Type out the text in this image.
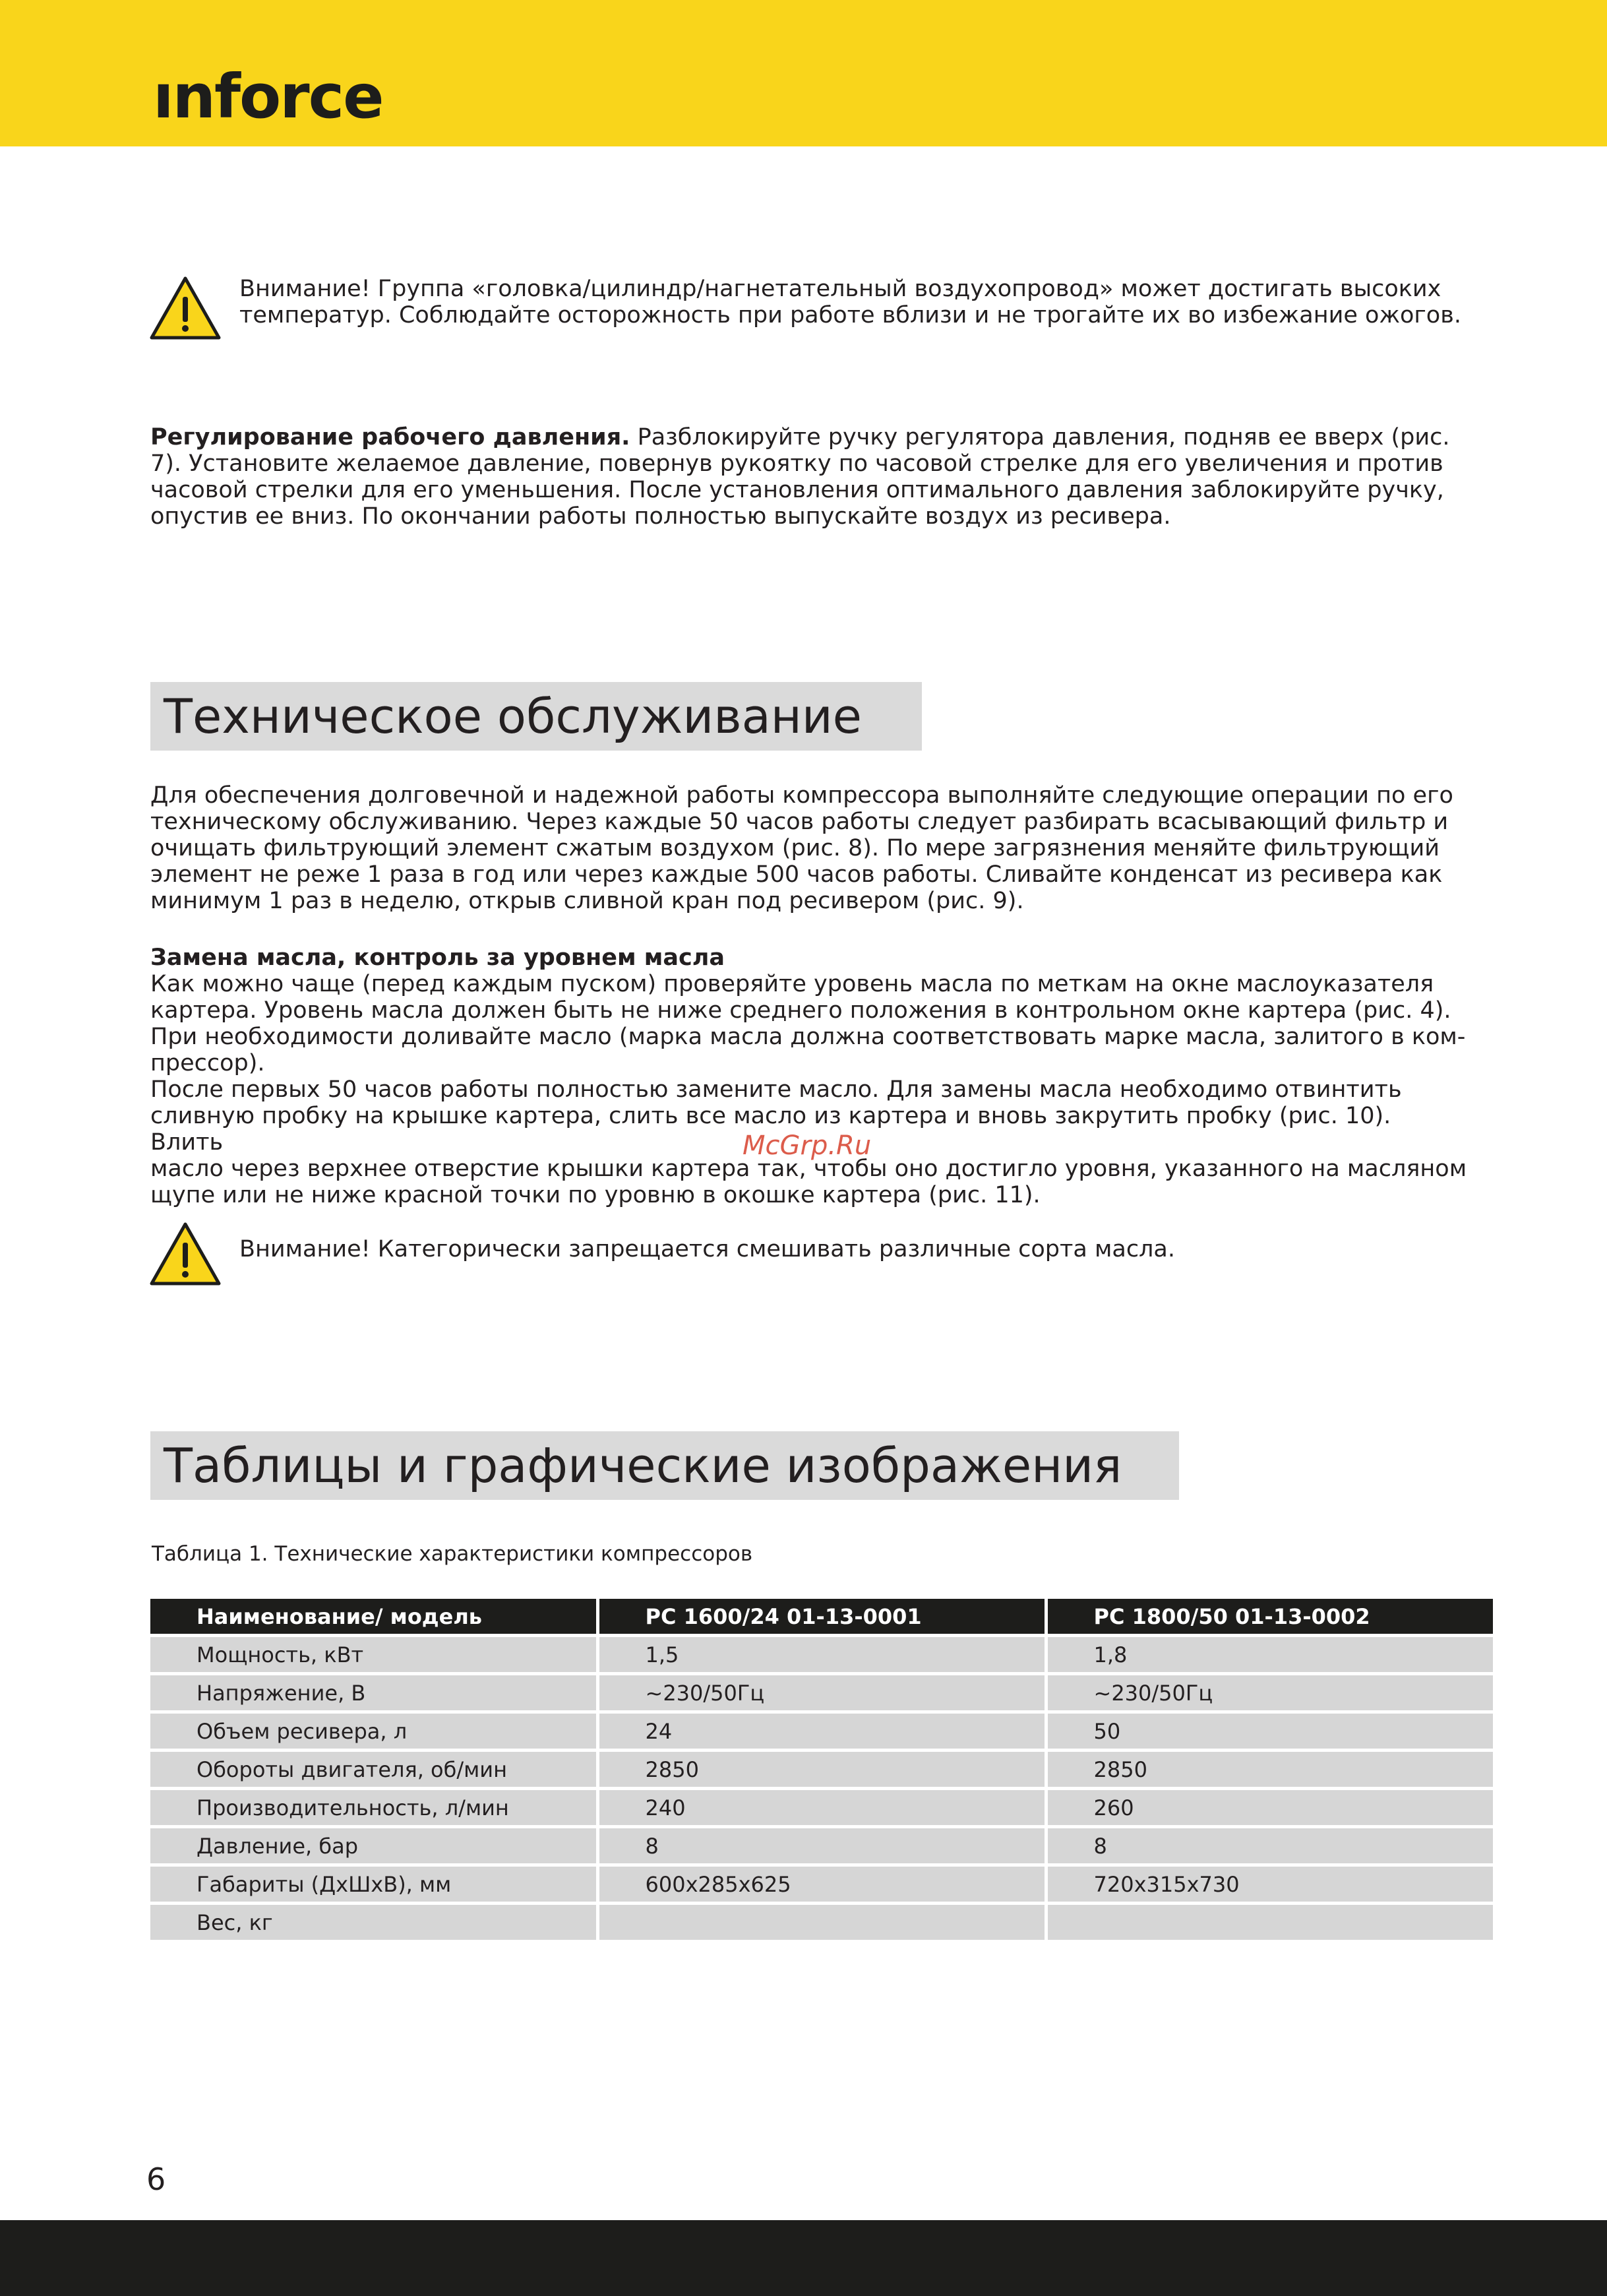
ınforce
Внимание! Группа «головка/цилиндр/нагнетательный воздухопровод» может достигать высоких
температур. Соблюдайте осторожность при работе вблизи и не трогайте их во избежание ожогов.
Регулирование рабочего давления. Разблокируйте ручку регулятора давления, подняв ее вверх (рис.
7). Установите желаемое давление, повернув рукоятку по часовой стрелке для его увеличения и против
часовой стрелки для его уменьшения. После установления оптимального давления заблокируйте ручку,
опустив ее вниз. По окончании работы полностью выпускайте воздух из ресивера.
Техническое обслуживание
Для обеспечения долговечной и надежной работы компрессора выполняйте следующие операции по его
техническому обслуживанию. Через каждые 50 часов работы следует разбирать всасывающий фильтр и
очищать фильтрующий элемент сжатым воздухом (рис. 8). По мере загрязнения меняйте фильтрующий
элемент не реже 1 раза в год или через каждые 500 часов работы. Сливайте конденсат из ресивера как
минимум 1 раз в неделю, открыв сливной кран под ресивером (рис. 9).
Замена масла, контроль за уровнем масла
Как можно чаще (перед каждым пуском) проверяйте уровень масла по меткам на окне маслоуказателя
картера. Уровень масла должен быть не ниже среднего положения в контрольном окне картера (рис. 4).
При необходимости доливайте масло (марка масла должна соответствовать марке масла, залитого в ком-
прессор).
После первых 50 часов работы полностью замените масло. Для замены масла необходимо отвинтить
сливную пробку на крышке картера, слить все масло из картера и вновь закрутить пробку (рис. 10). Влить
масло через верхнее отверстие крышки картера так, чтобы оно достигло уровня, указанного на масляном
щупе или не ниже красной точки по уровню в окошке картера (рис. 11).
McGrp.Ru
Внимание! Категорически запрещается смешивать различные сорта масла.
Таблицы и графические изображения
Таблица 1. Технические характеристики компрессоров
Наименование/ модель	PC 1600/24 01-13-0001	PC 1800/50 01-13-0002
Мощность, кВт	1,5	1,8
Напряжение, В	~230/50Гц	~230/50Гц
Объем ресивера, л	24	50
Обороты двигателя, об/мин	2850	2850
Производительность, л/мин	240	260
Давление, бар	8	8
Габариты (ДхШхВ), мм	600x285x625	720x315x730
Вес, кг		
6
